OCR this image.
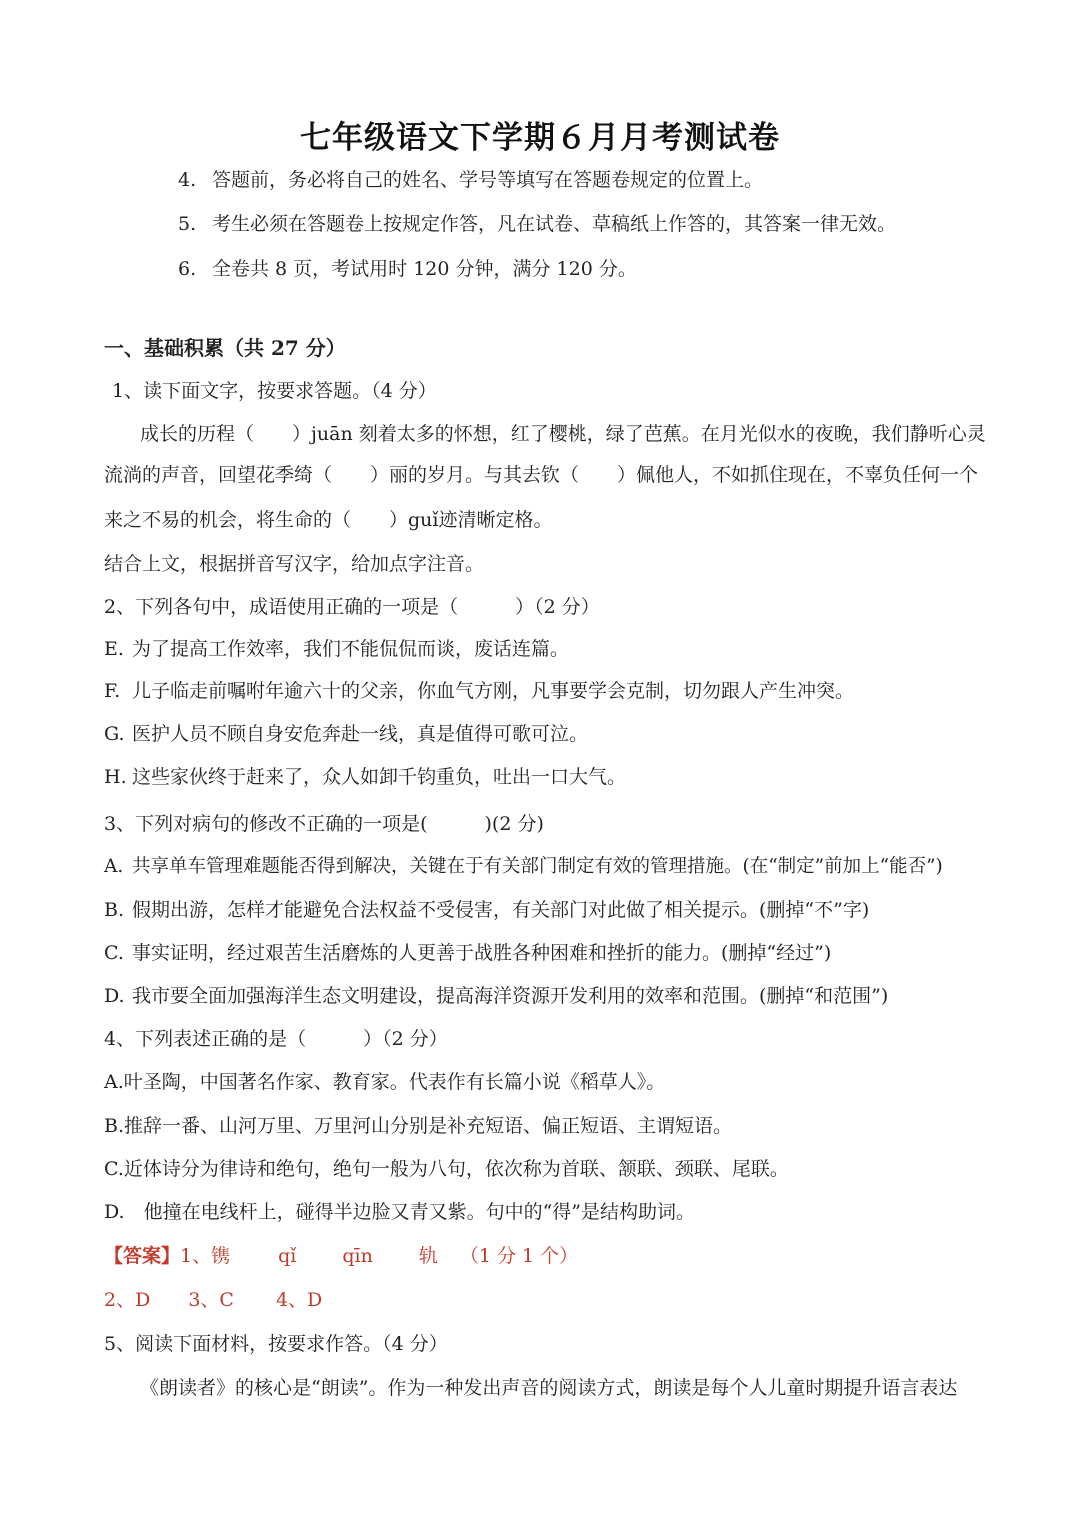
七年级语文下学期６月月考测试卷
4. 答题前，务必将自己的姓名、学号等填写在答题卷规定的位置上。
5. 考生必须在答题卷上按规定作答，凡在试卷、草稿纸上作答的，其答案一律无效。
6. 全卷共 8 页，考试用时 120 分钟，满分 120 分。
一、基础积累（共 27 分）
1、读下面文字，按要求答题。（4 分）
成长的历程（　　）juān 刻着太多的怀想，红了樱桃，绿了芭蕉。在月光似水的夜晚，我们静听心灵
流淌的声音，回望花季绮（　　）丽的岁月。与其去钦（　　）佩他人，不如抓住现在，不辜负任何一个
来之不易的机会，将生命的（　　）guǐ迹清晰定格。
结合上文，根据拼音写汉字，给加点字注音。
2、下列各句中，成语使用正确的一项是（　　　）（2 分）
E. 为了提高工作效率，我们不能侃侃而谈，废话连篇。
F. 儿子临走前嘱咐年逾六十的父亲，你血气方刚，凡事要学会克制，切勿跟人产生冲突。
G. 医护人员不顾自身安危奔赴一线，真是值得可歌可泣。
H. 这些家伙终于赶来了，众人如卸千钧重负，吐出一口大气。
3、下列对病句的修改不正确的一项是(　　　)(2 分)
A. 共享单车管理难题能否得到解决，关键在于有关部门制定有效的管理措施。(在“制定”前加上“能否”)
B. 假期出游，怎样才能避免合法权益不受侵害，有关部门对此做了相关提示。(删掉“不”字)
C. 事实证明，经过艰苦生活磨炼的人更善于战胜各种困难和挫折的能力。(删掉“经过”)
D. 我市要全面加强海洋生态文明建设，提高海洋资源开发利用的效率和范围。(删掉“和范围”)
4、下列表述正确的是（　　　）（2 分）
A.叶圣陶，中国著名作家、教育家。代表作有长篇小说《稻草人》。
B.推辞一番、山河万里、万里河山分别是补充短语、偏正短语、主谓短语。
C.近体诗分为律诗和绝句，绝句一般为八句，依次称为首联、颔联、颈联、尾联。
D.　他撞在电线杆上，碰得半边脸又青又紫。句中的“得”是结构助词。
【答案】1、镌	qǐ qīn 轨 （1 分 1 个）
2、D 3、C 4、D
5、阅读下面材料，按要求作答。（4 分）
《朗读者》的核心是“朗读”。作为一种发出声音的阅读方式，朗读是每个人儿童时期提升语言表达
